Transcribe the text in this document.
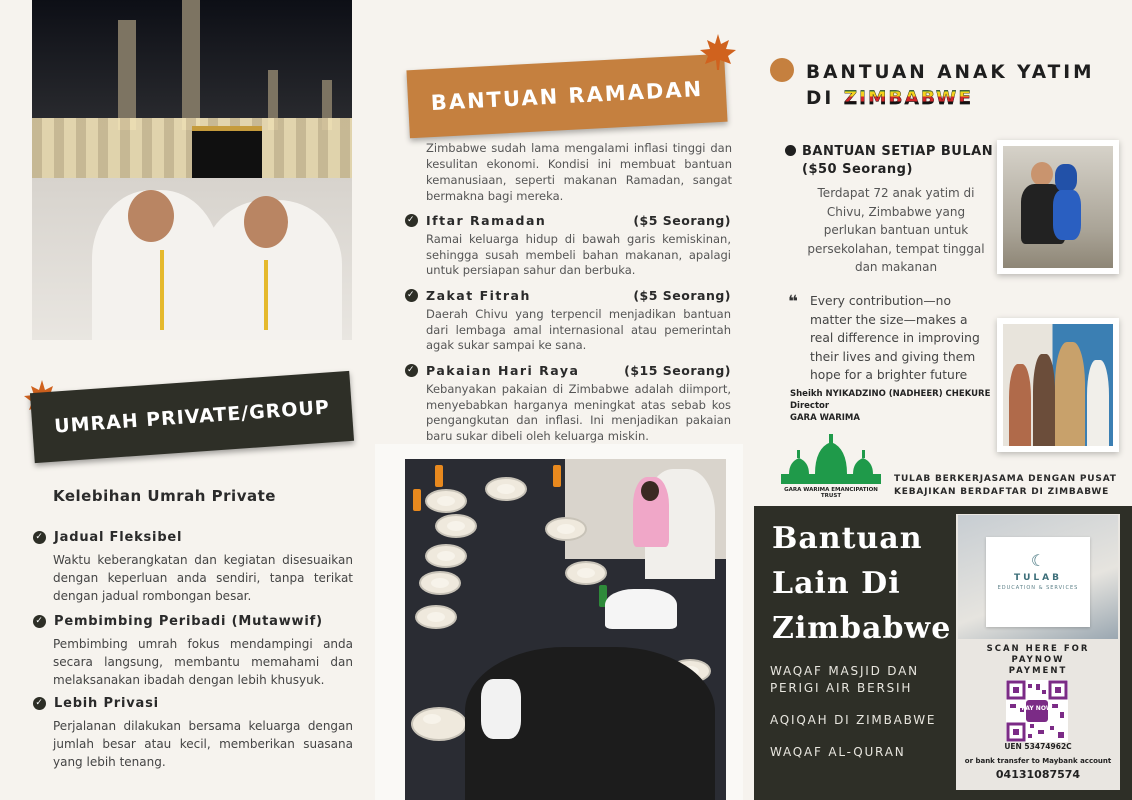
UMRAH PRIVATE/GROUP
Kelebihan Umrah Private
✓ Jadual Fleksibel
Waktu keberangkatan dan kegiatan disesuaikan dengan keperluan anda sendiri, tanpa terikat dengan jadual rombongan besar.
✓ Pembimbing Peribadi (Mutawwif)
Pembimbing umrah fokus mendampingi anda secara langsung, membantu memahami dan melaksanakan ibadah dengan lebih khusyuk.
✓ Lebih Privasi
Perjalanan dilakukan bersama keluarga dengan jumlah besar atau kecil, memberikan suasana yang lebih tenang.
BANTUAN RAMADAN
Zimbabwe sudah lama mengalami inflasi tinggi dan kesulitan ekonomi. Kondisi ini membuat bantuan kemanusiaan, seperti makanan Ramadan, sangat bermakna bagi mereka.
✓ Iftar Ramadan	($5 Seorang)
Ramai keluarga hidup di bawah garis kemiskinan, sehingga susah membeli bahan makanan, apalagi untuk persiapan sahur dan berbuka.
✓ Zakat Fitrah	($5 Seorang)
Daerah Chivu yang terpencil menjadikan bantuan dari lembaga amal internasional atau pemerintah agak sukar sampai ke sana.
✓ Pakaian Hari Raya	($15 Seorang)
Kebanyakan pakaian di Zimbabwe adalah diimport, menyebabkan harganya meningkat atas sebab kos pengangkutan dan inflasi. Ini menjadikan pakaian baru sukar dibeli oleh keluarga miskin.
BANTUAN ANAK YATIM
DI ZIMBABWE
BANTUAN SETIAP BULAN
($50 Seorang)
Terdapat 72 anak yatim di Chivu, Zimbabwe yang perlukan bantuan untuk persekolahan, tempat tinggal dan makanan
❝ Every contribution—no matter the size—makes a real difference in improving their lives and giving them hope for a brighter future
Sheikh NYIKADZINO (NADHEER) CHEKURE
Director
GARA WARIMA
GARA WARIMA EMANCIPATION TRUST
TULAB BERKERJASAMA DENGAN PUSAT
KEBAJIKAN BERDAFTAR DI ZIMBABWE
Bantuan Lain Di Zimbabwe
WAQAF MASJID DAN PERIGI AIR BERSIH
AQIQAH DI ZIMBABWE
WAQAF AL-QURAN
☾
TULAB
EDUCATION & SERVICES
SCAN HERE FOR
PAYNOW
PAYMENT
PAY NOW
UEN 53474962C
or bank transfer to Maybank account
04131087574
